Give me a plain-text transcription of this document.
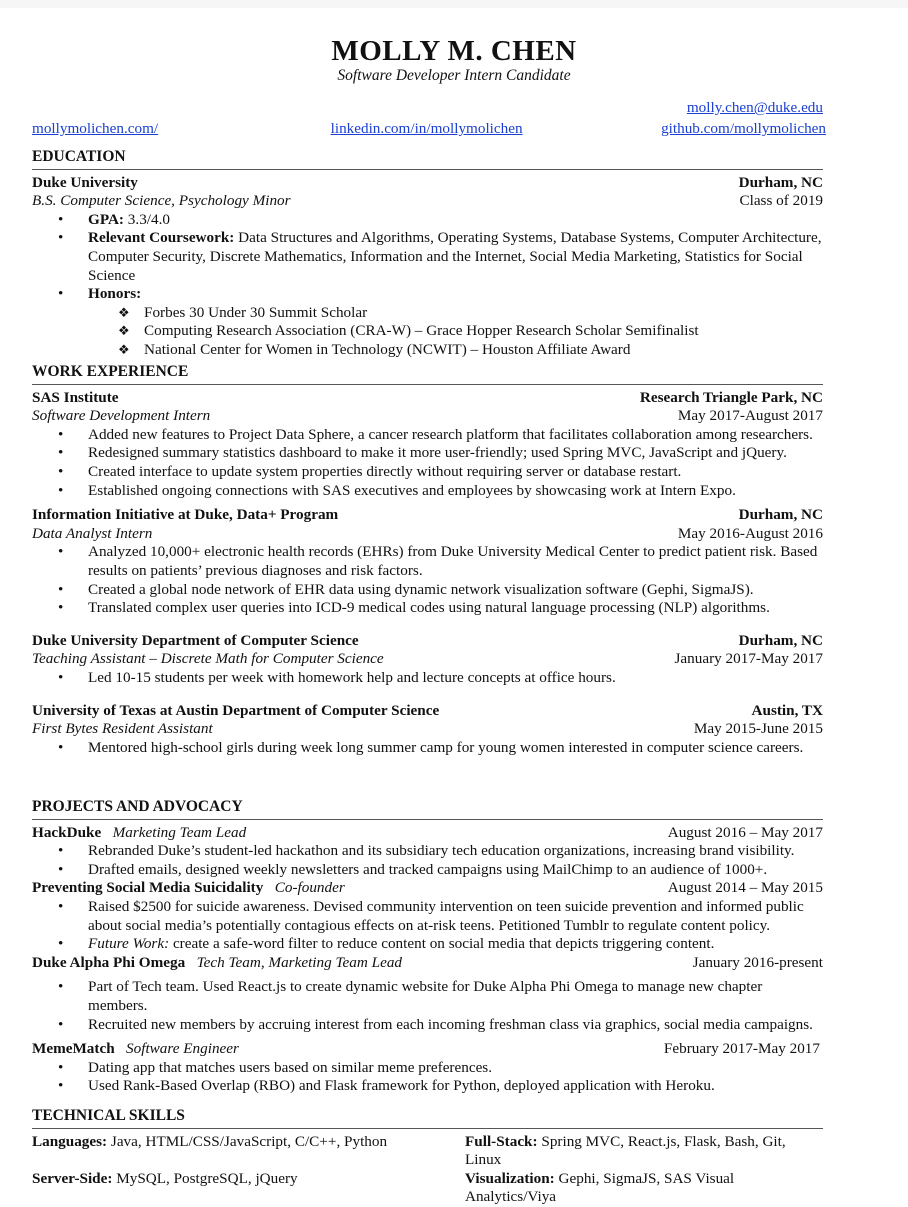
MOLLY M. CHEN
Software Developer Intern Candidate
molly.chen@duke.edu
mollymolichen.com/	linkedin.com/in/mollymolichen	github.com/mollymolichen
EDUCATION
Duke University	Durham, NC
B.S. Computer Science, Psychology Minor	Class of 2019
• GPA: 3.3/4.0
• Relevant Coursework: Data Structures and Algorithms, Operating Systems, Database Systems, Computer Architecture, Computer Security, Discrete Mathematics, Information and the Internet, Social Media Marketing, Statistics for Social Science
• Honors:
❖ Forbes 30 Under 30 Summit Scholar
❖ Computing Research Association (CRA-W) – Grace Hopper Research Scholar Semifinalist
❖ National Center for Women in Technology (NCWIT) – Houston Affiliate Award
WORK EXPERIENCE
SAS Institute	Research Triangle Park, NC
Software Development Intern	May 2017-August 2017
• Added new features to Project Data Sphere, a cancer research platform that facilitates collaboration among researchers.
• Redesigned summary statistics dashboard to make it more user-friendly; used Spring MVC, JavaScript and jQuery.
• Created interface to update system properties directly without requiring server or database restart.
• Established ongoing connections with SAS executives and employees by showcasing work at Intern Expo.
Information Initiative at Duke, Data+ Program	Durham, NC
Data Analyst Intern	May 2016-August 2016
• Analyzed 10,000+ electronic health records (EHRs) from Duke University Medical Center to predict patient risk. Based results on patients’ previous diagnoses and risk factors.
• Created a global node network of EHR data using dynamic network visualization software (Gephi, SigmaJS).
• Translated complex user queries into ICD-9 medical codes using natural language processing (NLP) algorithms.
Duke University Department of Computer Science	Durham, NC
Teaching Assistant – Discrete Math for Computer Science	January 2017-May 2017
• Led 10-15 students per week with homework help and lecture concepts at office hours.
University of Texas at Austin Department of Computer Science	Austin, TX
First Bytes Resident Assistant	May 2015-June 2015
• Mentored high-school girls during week long summer camp for young women interested in computer science careers.
PROJECTS AND ADVOCACY
HackDuke Marketing Team Lead	August 2016 – May 2017
• Rebranded Duke’s student-led hackathon and its subsidiary tech education organizations, increasing brand visibility.
• Drafted emails, designed weekly newsletters and tracked campaigns using MailChimp to an audience of 1000+.
Preventing Social Media Suicidality Co-founder	August 2014 – May 2015
• Raised $2500 for suicide awareness. Devised community intervention on teen suicide prevention and informed public about social media’s potentially contagious effects on at-risk teens. Petitioned Tumblr to regulate content policy.
• Future Work: create a safe-word filter to reduce content on social media that depicts triggering content.
Duke Alpha Phi Omega Tech Team, Marketing Team Lead	January 2016-present
• Part of Tech team. Used React.js to create dynamic website for Duke Alpha Phi Omega to manage new chapter members.
• Recruited new members by accruing interest from each incoming freshman class via graphics, social media campaigns.
MemeMatch Software Engineer	February 2017-May 2017
• Dating app that matches users based on similar meme preferences.
• Used Rank-Based Overlap (RBO) and Flask framework for Python, deployed application with Heroku.
TECHNICAL SKILLS
Languages: Java, HTML/CSS/JavaScript, C/C++, Python	Full-Stack: Spring MVC, React.js, Flask, Bash, Git, Linux
Server-Side: MySQL, PostgreSQL, jQuery	Visualization: Gephi, SigmaJS, SAS Visual Analytics/Viya
